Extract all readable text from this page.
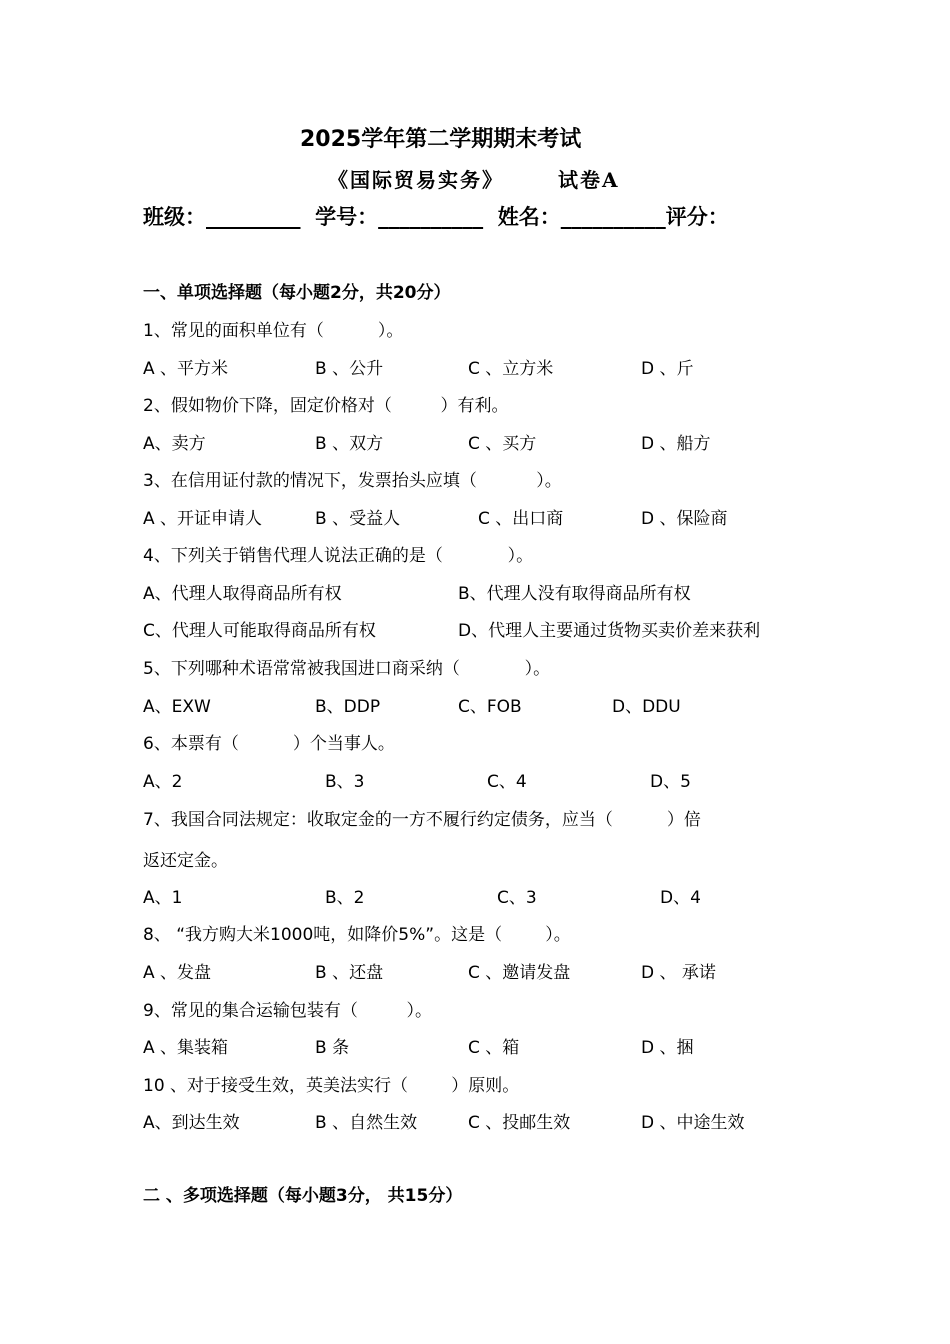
2025学年第二学期期末考试
《国际贸易实务》	试卷A
班级：_________  学号：__________  姓名：__________评分：
一、单项选择题（每小题2分，共20分）
1、常见的面积单位有（          ）。
A 、平方米	B 、公升	C 、立方米	D 、斤
2、假如物价下降，固定价格对（         ）有利。
A、卖方	B 、双方	C 、买方	D 、船方
3、在信用证付款的情况下，发票抬头应填（           ）。
A 、开证申请人	B 、受益人	C 、出口商	D 、保险商
4、下列关于销售代理人说法正确的是（            ）。
A、代理人取得商品所有权	B、代理人没有取得商品所有权
C、代理人可能取得商品所有权	D、代理人主要通过货物买卖价差来获利
5、下列哪种术语常常被我国进口商采纳（            ）。
A、EXW	B、DDP	C、FOB	D、DDU
6、本票有（          ）个当事人。
A、2	B、3	C、4	D、5
7、我国合同法规定：收取定金的一方不履行约定债务，应当（          ）倍
返还定金。
A、1	B、2	C、3	D、4
8、 “我方购大米1000吨，如降价5%”。这是（        ）。
A 、发盘	B 、还盘	C 、邀请发盘	D 、 承诺
9、常见的集合运输包装有（         ）。
A 、集装箱	B 条	C 、箱	D 、捆
10 、对于接受生效，英美法实行（        ）原则。
A、到达生效	B 、自然生效	C 、投邮生效	D 、中途生效
二 、多项选择题（每小题3分， 共15分）
